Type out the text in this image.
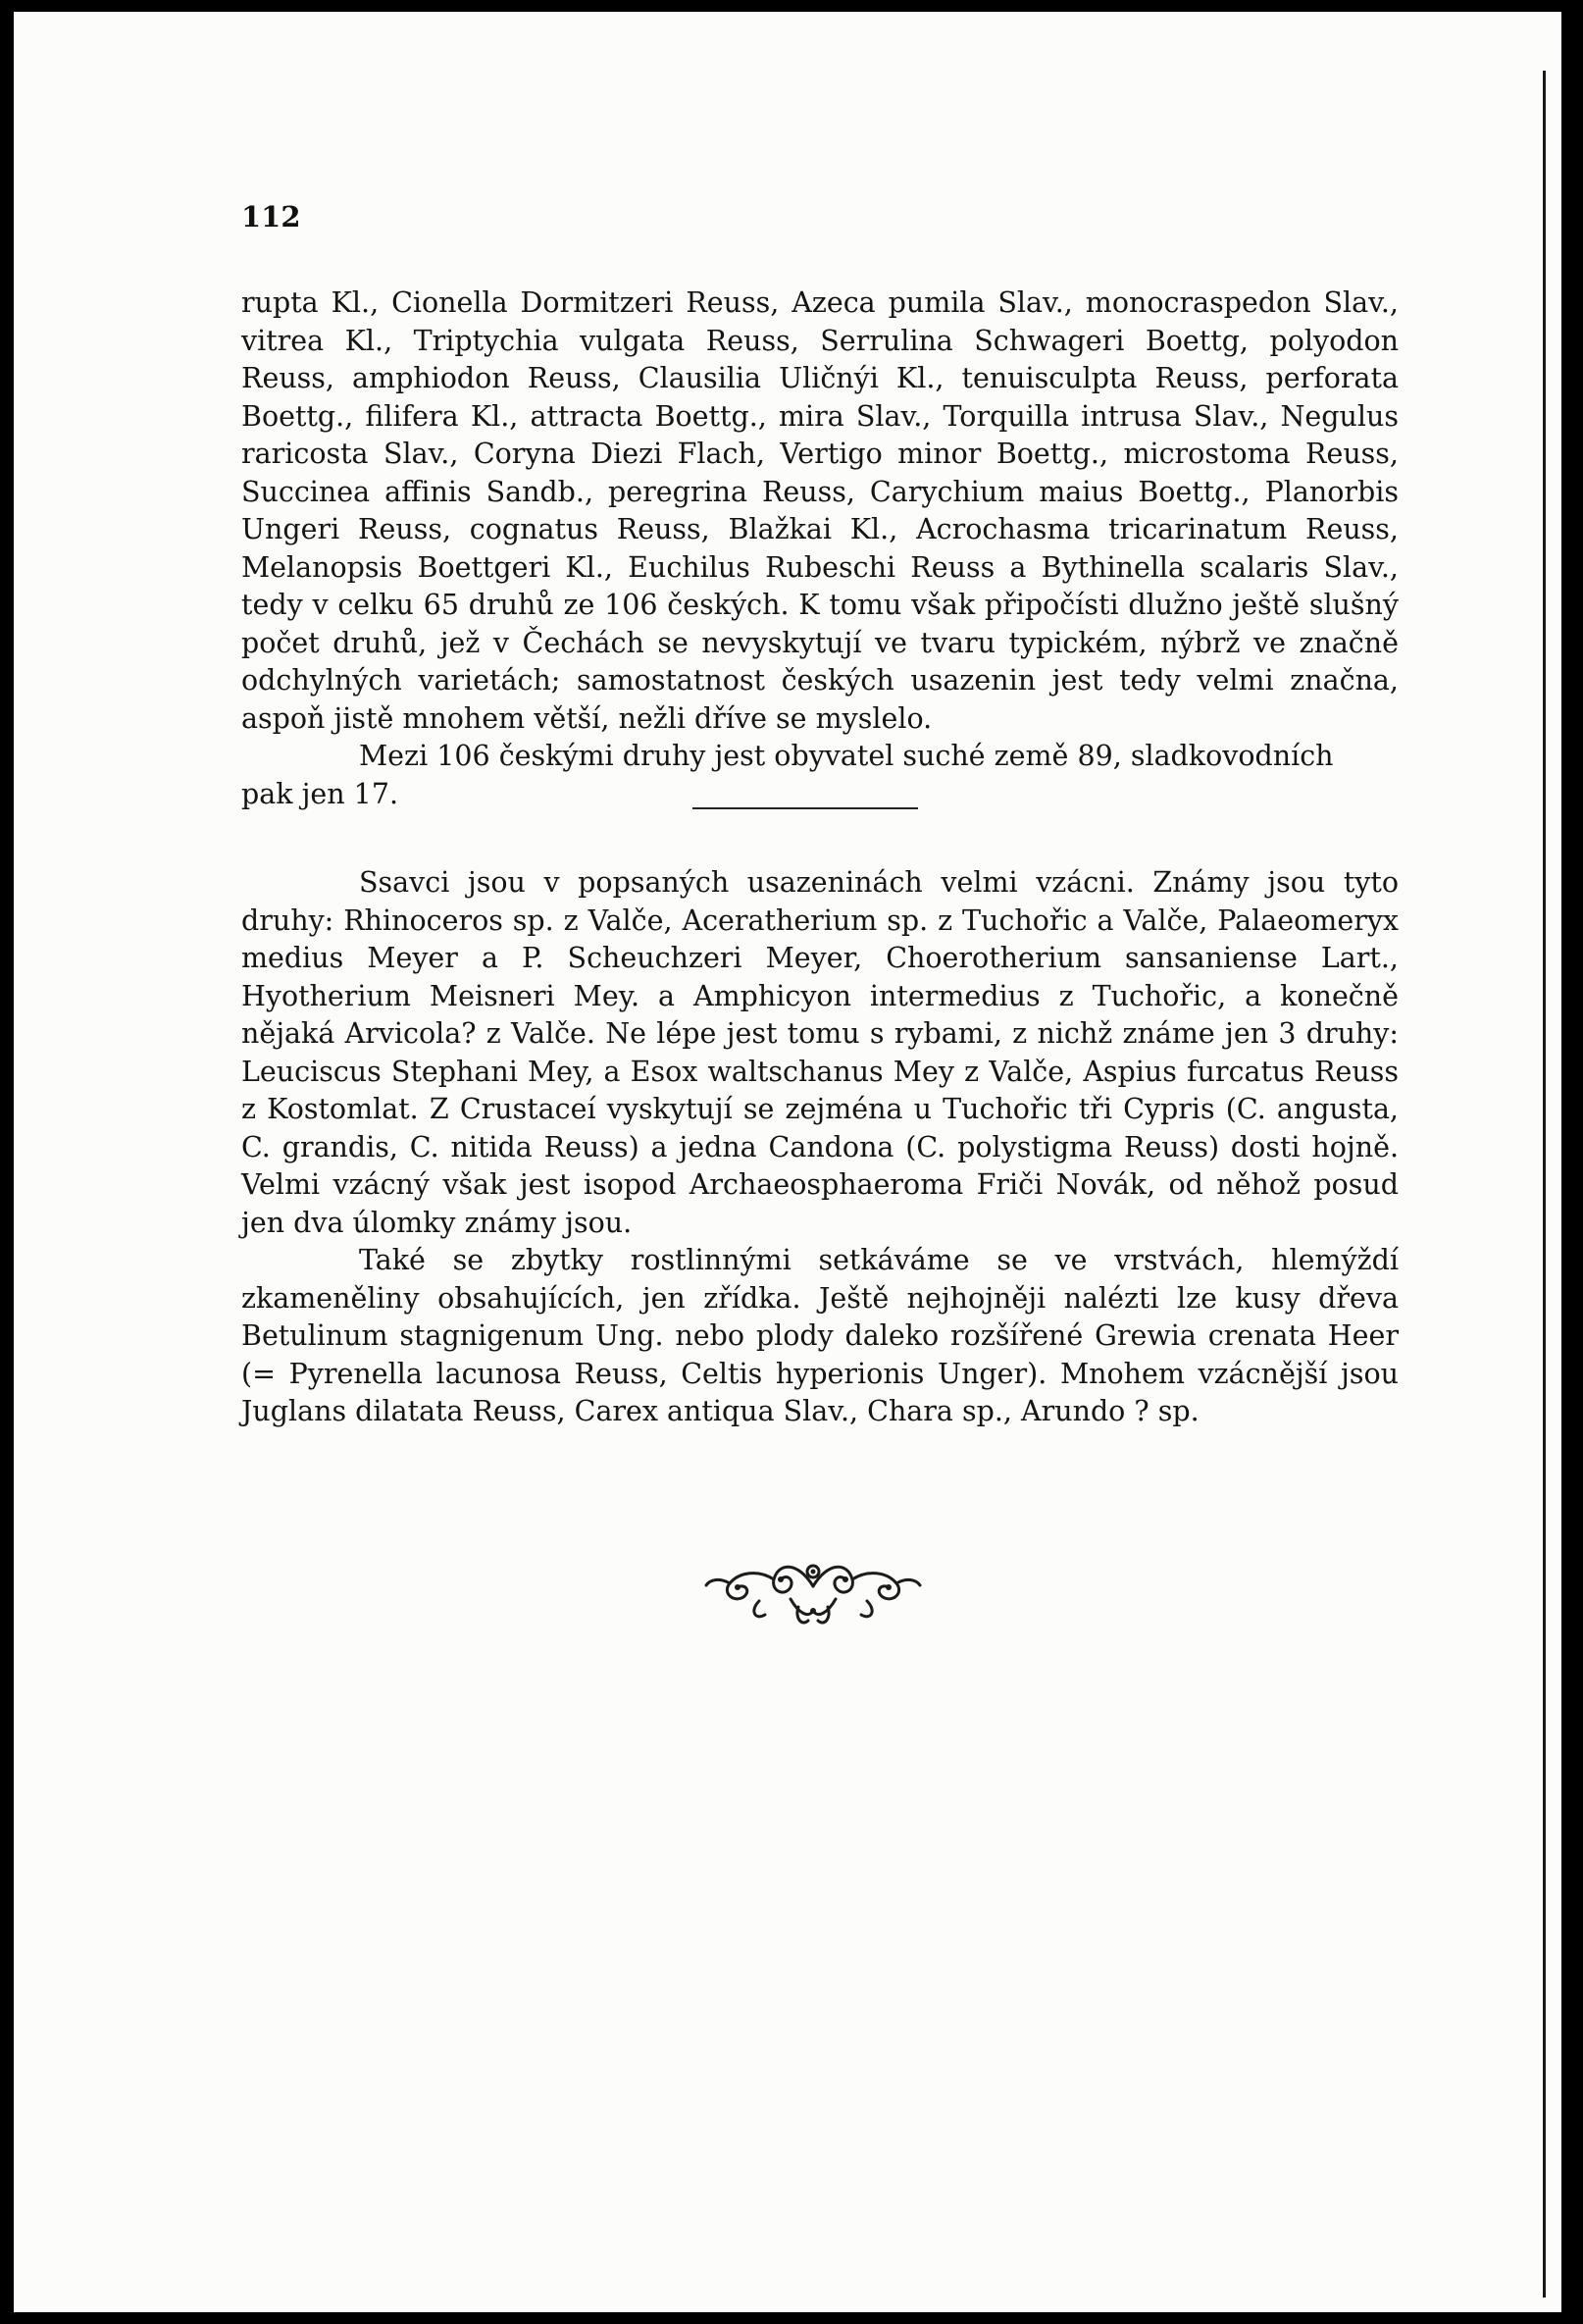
112

rupta Kl., Cionella Dormitzeri Reuss, Azeca pumila Slav., monocraspedon Slav., vitrea Kl., Triptychia vulgata Reuss, Serrulina Schwageri Boettg, polyodon Reuss, amphiodon Reuss, Clausilia Uličnýi Kl., tenuisculpta Reuss, perforata Boettg., filifera Kl., attracta Boettg., mira Slav., Torquilla intrusa Slav., Negulus raricosta Slav., Coryna Diezi Flach, Vertigo minor Boettg., microstoma Reuss, Succinea affinis Sandb., peregrina Reuss, Carychium maius Boettg., Planorbis Ungeri Reuss, cognatus Reuss, Blažkai Kl., Acrochasma tricarinatum Reuss, Melanopsis Boettgeri Kl., Euchilus Rubeschi Reuss a Bythinella scalaris Slav., tedy v celku 65 druhů ze 106 českých. K tomu však připočísti dlužno ještě slušný počet druhů, jež v Čechách se nevyskytují ve tvaru typickém, nýbrž ve značně odchylných varietách; samostatnost českých usazenin jest tedy velmi značna, aspoň jistě mnohem větší, nežli dříve se myslelo.

Mezi 106 českými druhy jest obyvatel suché země 89, sladkovodních

pak jen 17.

Ssavci jsou v popsaných usazeninách velmi vzácni. Známy jsou tyto druhy: Rhinoceros sp. z Valče, Aceratherium sp. z Tuchořic a Valče, Palaeomeryx medius Meyer a P. Scheuchzeri Meyer, Choerotherium sansaniense Lart., Hyotherium Meisneri Mey. a Amphicyon intermedius z Tuchořic, a konečně nějaká Arvicola? z Valče. Ne lépe jest tomu s rybami, z nichž známe jen 3 druhy: Leuciscus Stephani Mey, a Esox waltschanus Mey z Valče, Aspius furcatus Reuss z Kostomlat. Z Crustaceí vyskytují se zejména u Tuchořic tři Cypris (C. angusta, C. grandis, C. nitida Reuss) a jedna Candona (C. polystigma Reuss) dosti hojně. Velmi vzácný však jest isopod Archaeosphaeroma Friči Novák, od něhož posud jen dva úlomky známy jsou.

Také se zbytky rostlinnými setkáváme se ve vrstvách, hlemýždí zkamenělinу obsahujících, jen zřídka. Ještě nejhojněji nalézti lze kusy dřeva Betulinum stagnigenum Ung. nebo plody daleko rozšířené Grewia crenata Heer (= Pyrenella lacunosa Reuss, Celtis hyperionis Unger). Mnohem vzácnější jsou Juglans dilatata Reuss, Carex antiqua Slav., Chara sp., Arundo ? sp.
